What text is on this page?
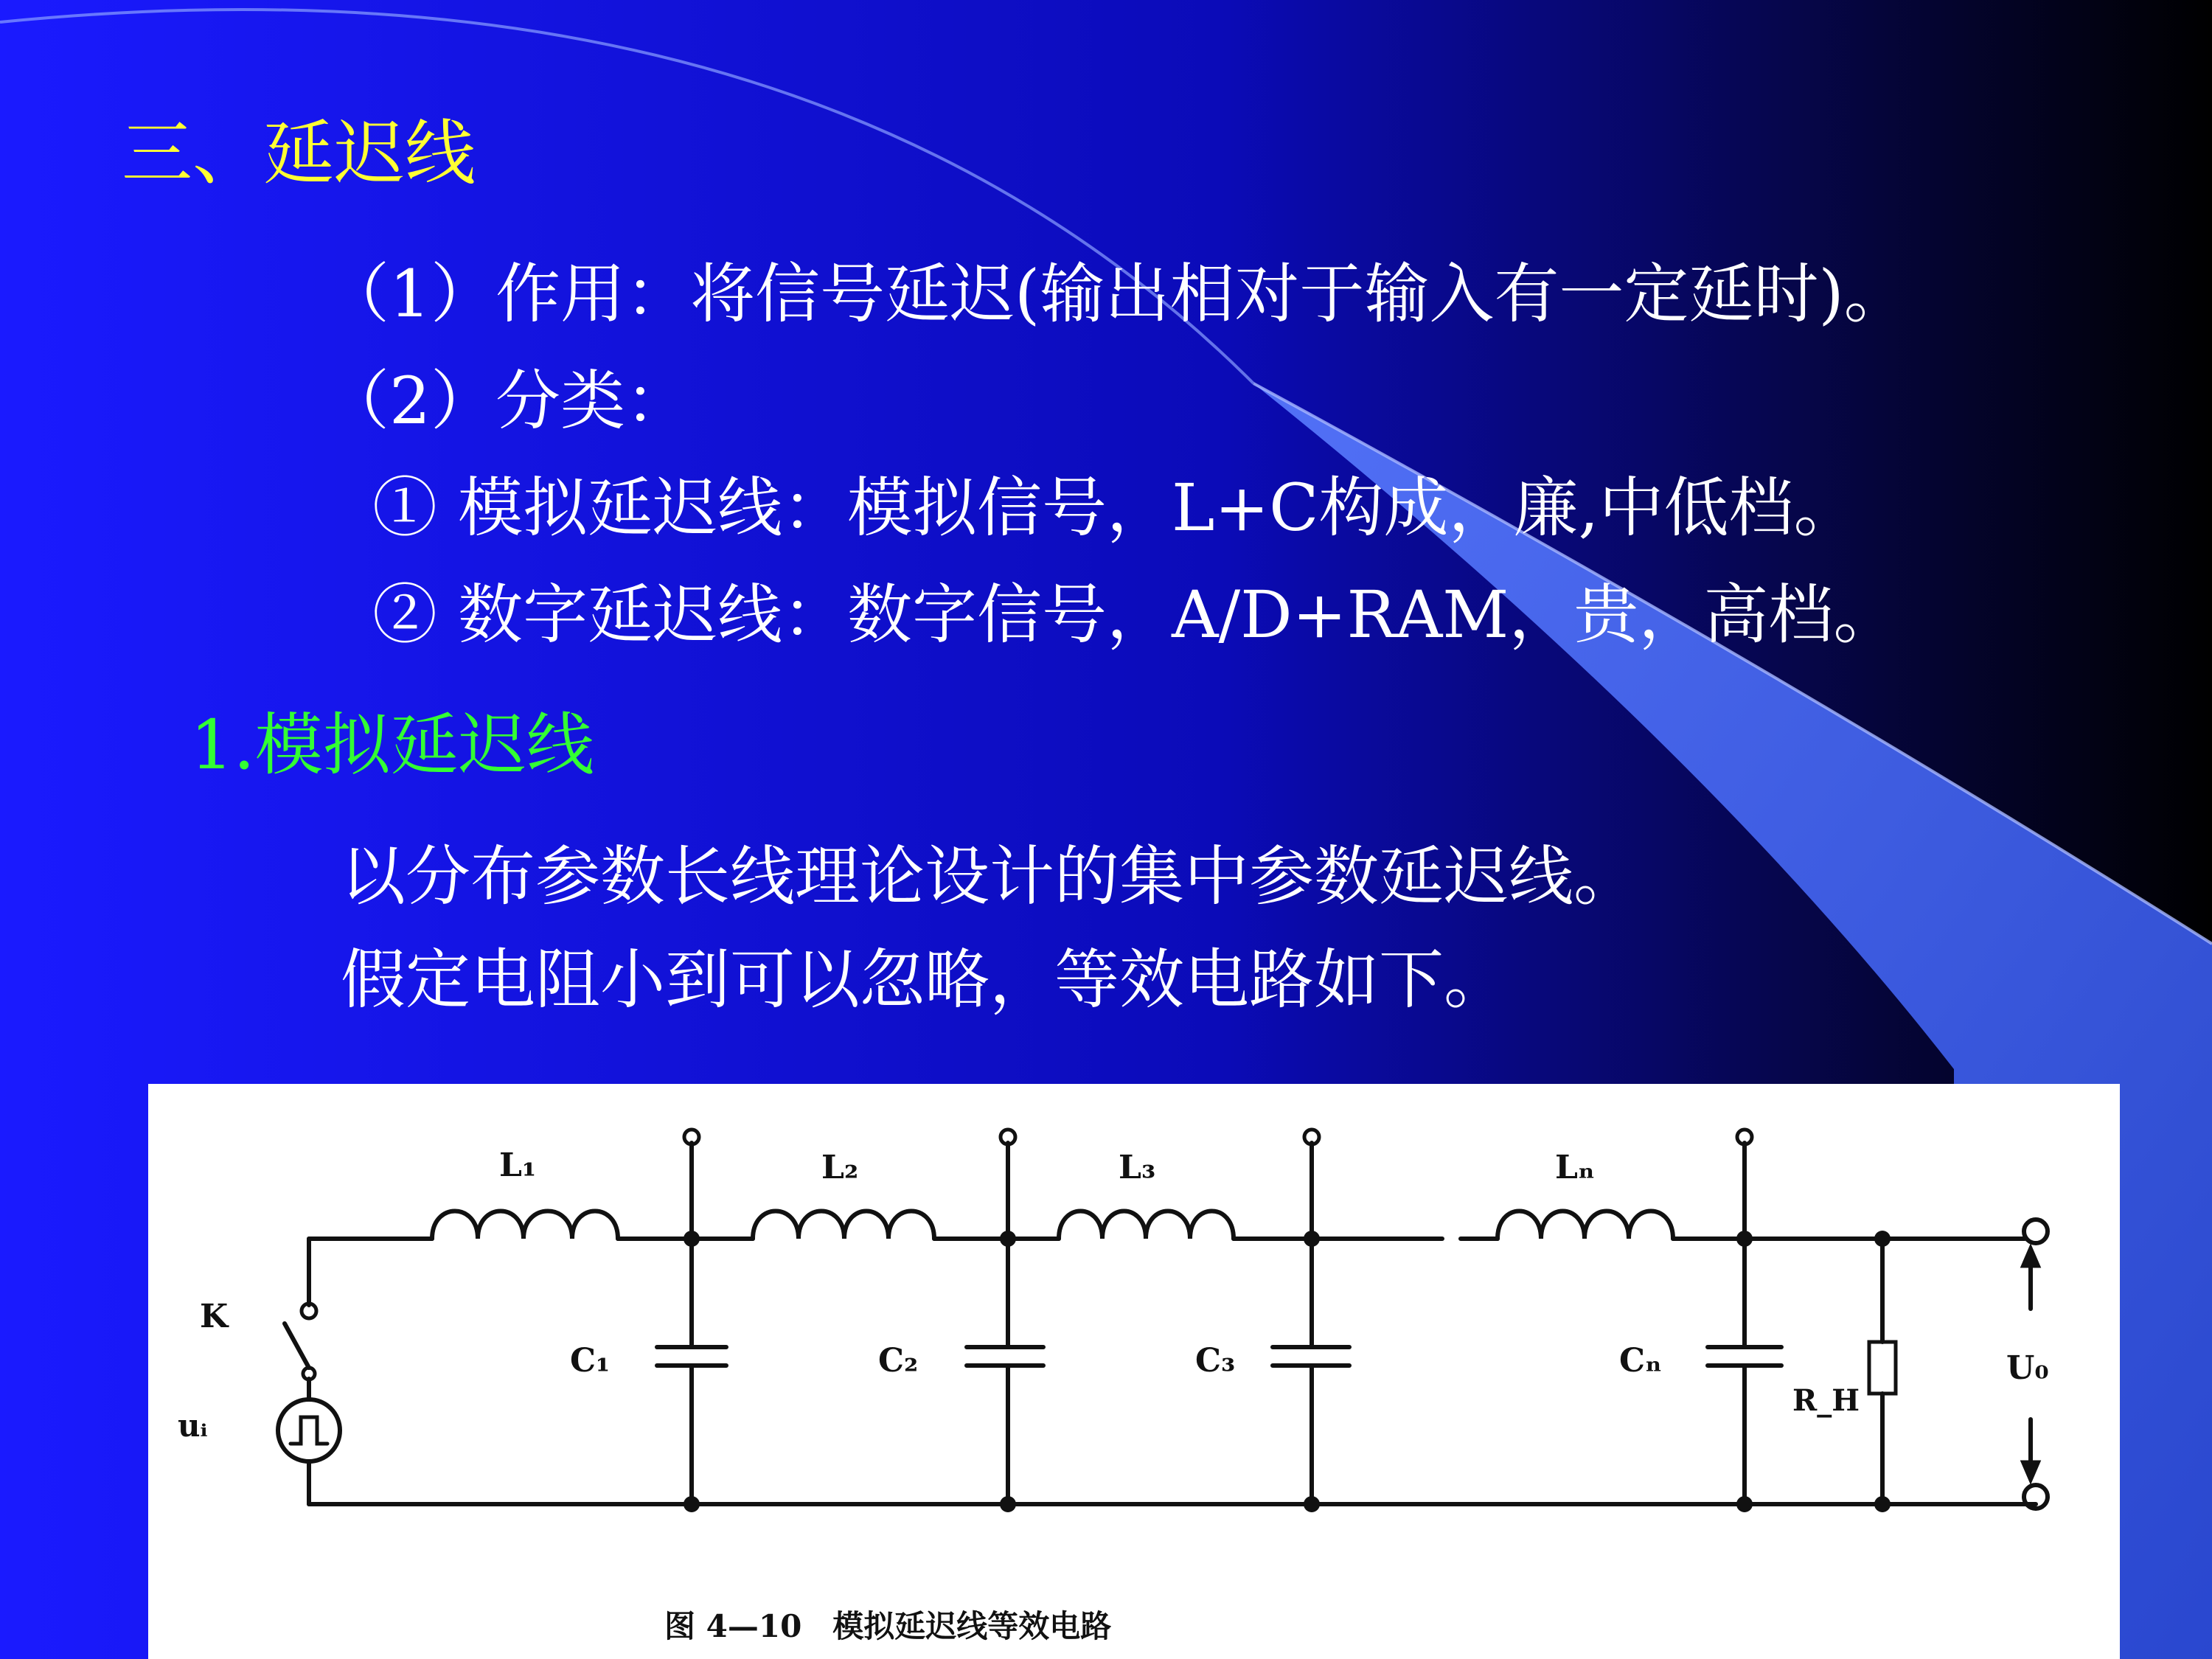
三、延迟线
（1）作用：将信号延迟(输出相对于输入有一定延时)。
（2）分类：
① 模拟延迟线：模拟信号，L+C构成，廉,中低档。
② 数字延迟线：数字信号，A/D+RAM，贵，高档。
1.模拟延迟线
以分布参数长线理论设计的集中参数延迟线。
假定电阻小到可以忽略，等效电路如下。
K
uᵢ
L₁	L₂	L₃	Lₙ
C₁	C₂	C₃	Cₙ
R_H
U₀
图 4—10　模拟延迟线等效电路
